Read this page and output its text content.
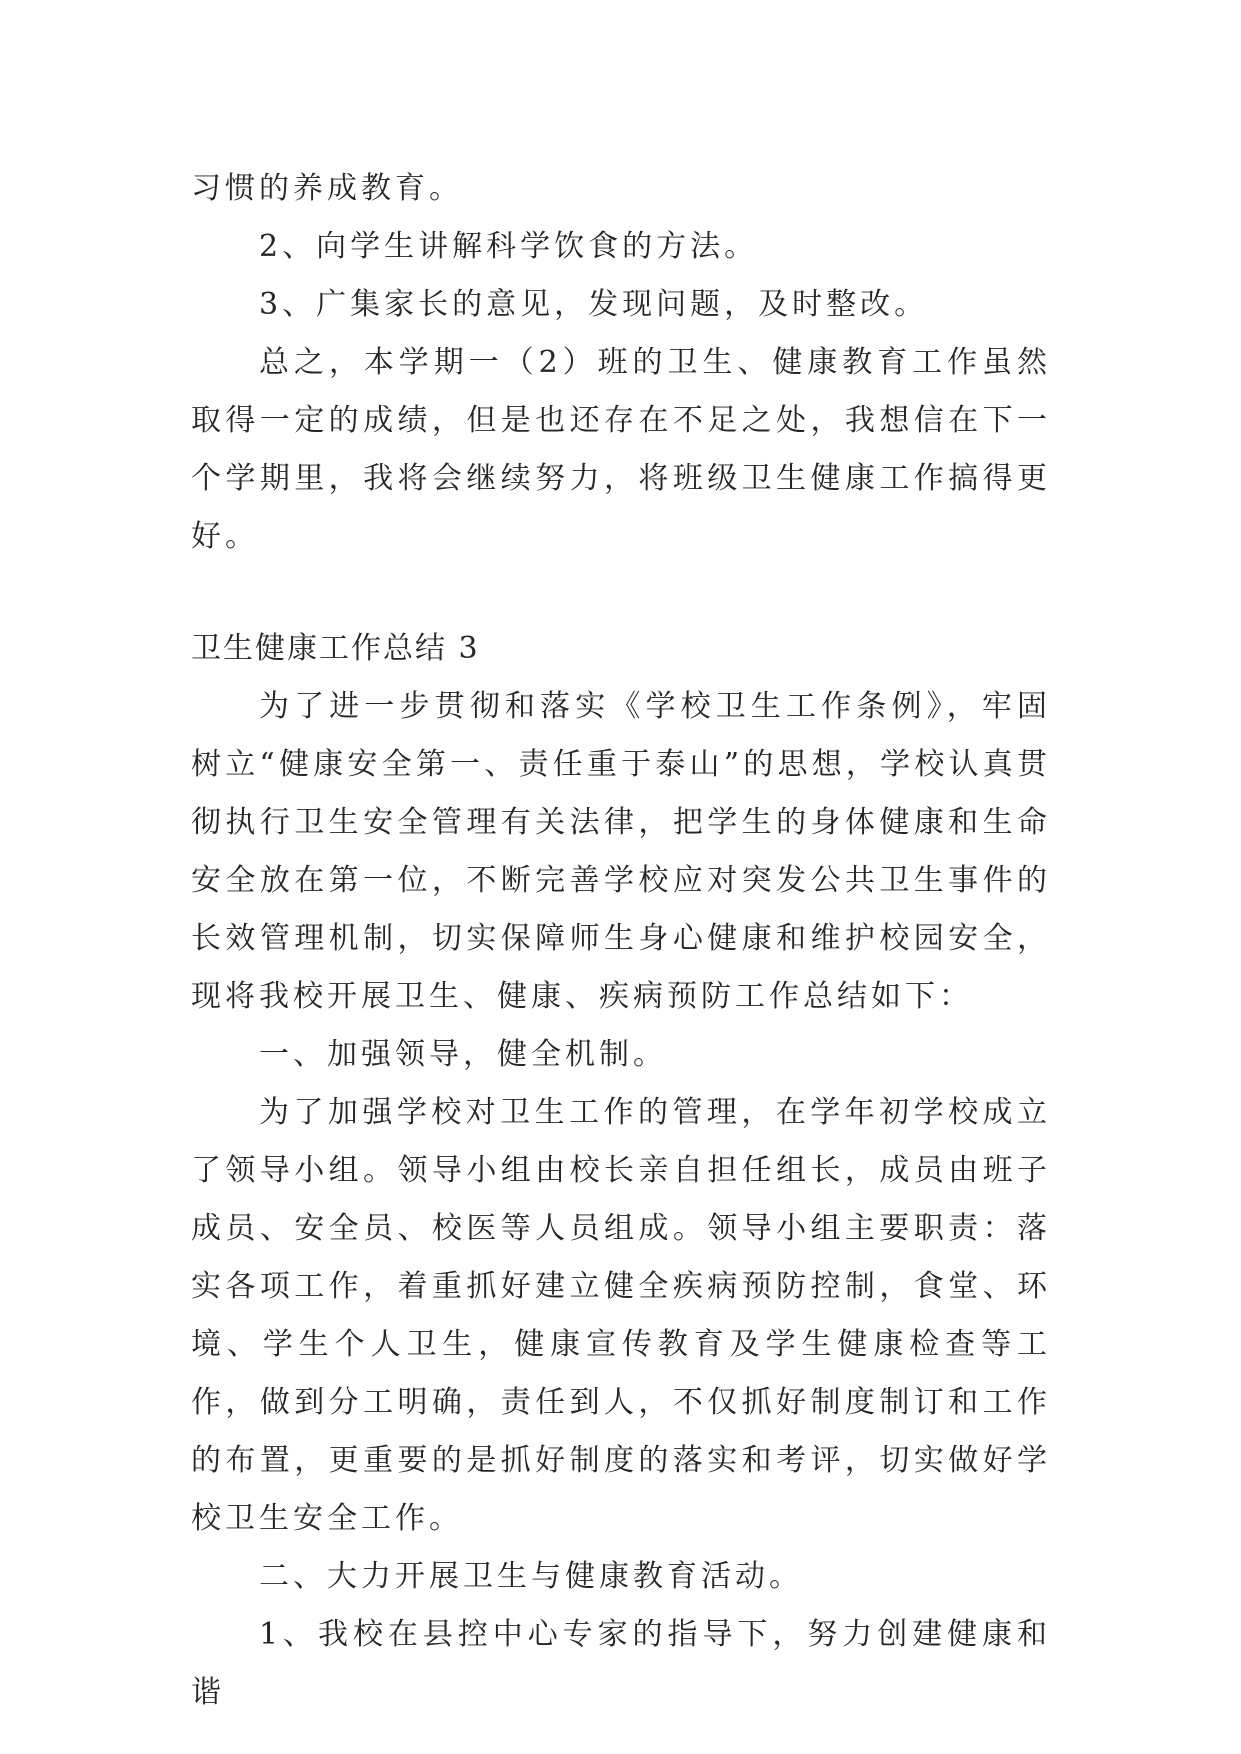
习惯的养成教育。

2、向学生讲解科学饮食的方法。

3、广集家长的意见，发现问题，及时整改。

总之，本学期一（2）班的卫生、健康教育工作虽然取得一定的成绩，但是也还存在不足之处，我想信在下一个学期里，我将会继续努力，将班级卫生健康工作搞得更好。

卫生健康工作总结 3

为了进一步贯彻和落实《学校卫生工作条例》，牢固树立“健康安全第一、责任重于泰山”的思想，学校认真贯彻执行卫生安全管理有关法律，把学生的身体健康和生命安全放在第一位，不断完善学校应对突发公共卫生事件的长效管理机制，切实保障师生身心健康和维护校园安全，现将我校开展卫生、健康、疾病预防工作总结如下：

一、加强领导，健全机制。

为了加强学校对卫生工作的管理，在学年初学校成立了领导小组。领导小组由校长亲自担任组长，成员由班子成员、安全员、校医等人员组成。领导小组主要职责：落实各项工作，着重抓好建立健全疾病预防控制，食堂、环境、学生个人卫生，健康宣传教育及学生健康检查等工作，做到分工明确，责任到人，不仅抓好制度制订和工作的布置，更重要的是抓好制度的落实和考评，切实做好学校卫生安全工作。

二、大力开展卫生与健康教育活动。

1、我校在县控中心专家的指导下，努力创建健康和谐
